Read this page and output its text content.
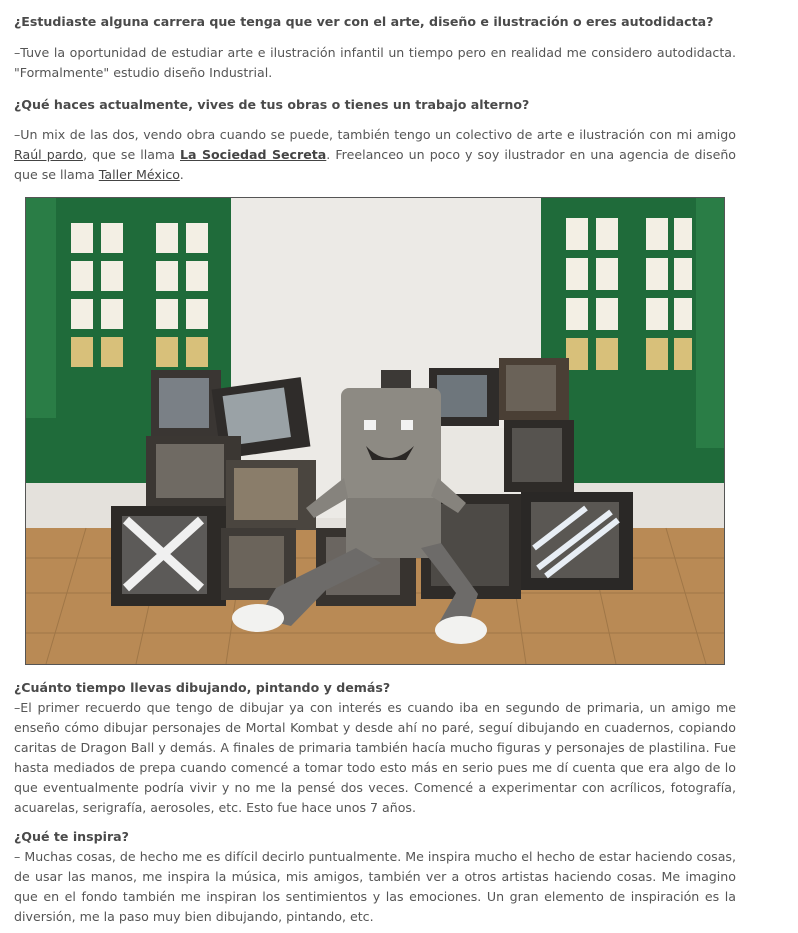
¿Estudiaste alguna carrera que tenga que ver con el arte, diseño e ilustración o eres autodidacta?

–Tuve la oportunidad de estudiar arte e ilustración infantil un tiempo pero en realidad me considero autodidacta. "Formalmente" estudio diseño Industrial.

¿Qué haces actualmente, vives de tus obras o tienes un trabajo alterno?

–Un mix de las dos, vendo obra cuando se puede, también tengo un colectivo de arte e ilustración con mi amigo Raúl pardo, que se llama La Sociedad Secreta. Freelanceo un poco y soy ilustrador en una agencia de diseño que se llama Taller México.

¿Cuánto tiempo llevas dibujando, pintando y demás?

–El primer recuerdo que tengo de dibujar ya con interés es cuando iba en segundo de primaria, un amigo me enseño cómo dibujar personajes de Mortal Kombat y desde ahí no paré, seguí dibujando en cuadernos, copiando caritas de Dragon Ball y demás. A finales de primaria también hacía mucho figuras y personajes de plastilina. Fue hasta mediados de prepa cuando comencé a tomar todo esto más en serio pues me dí cuenta que era algo de lo que eventualmente podría vivir y no me la pensé dos veces. Comencé a experimentar con acrílicos, fotografía, acuarelas, serigrafía, aerosoles, etc. Esto fue hace unos 7 años.

¿Qué te inspira?

– Muchas cosas, de hecho me es difícil decirlo puntualmente. Me inspira mucho el hecho de estar haciendo cosas, de usar las manos, me inspira la música, mis amigos, también ver a otros artistas haciendo cosas. Me imagino que en el fondo también me inspiran los sentimientos y las emociones. Un gran elemento de inspiración es la diversión, me la paso muy bien dibujando, pintando, etc.
